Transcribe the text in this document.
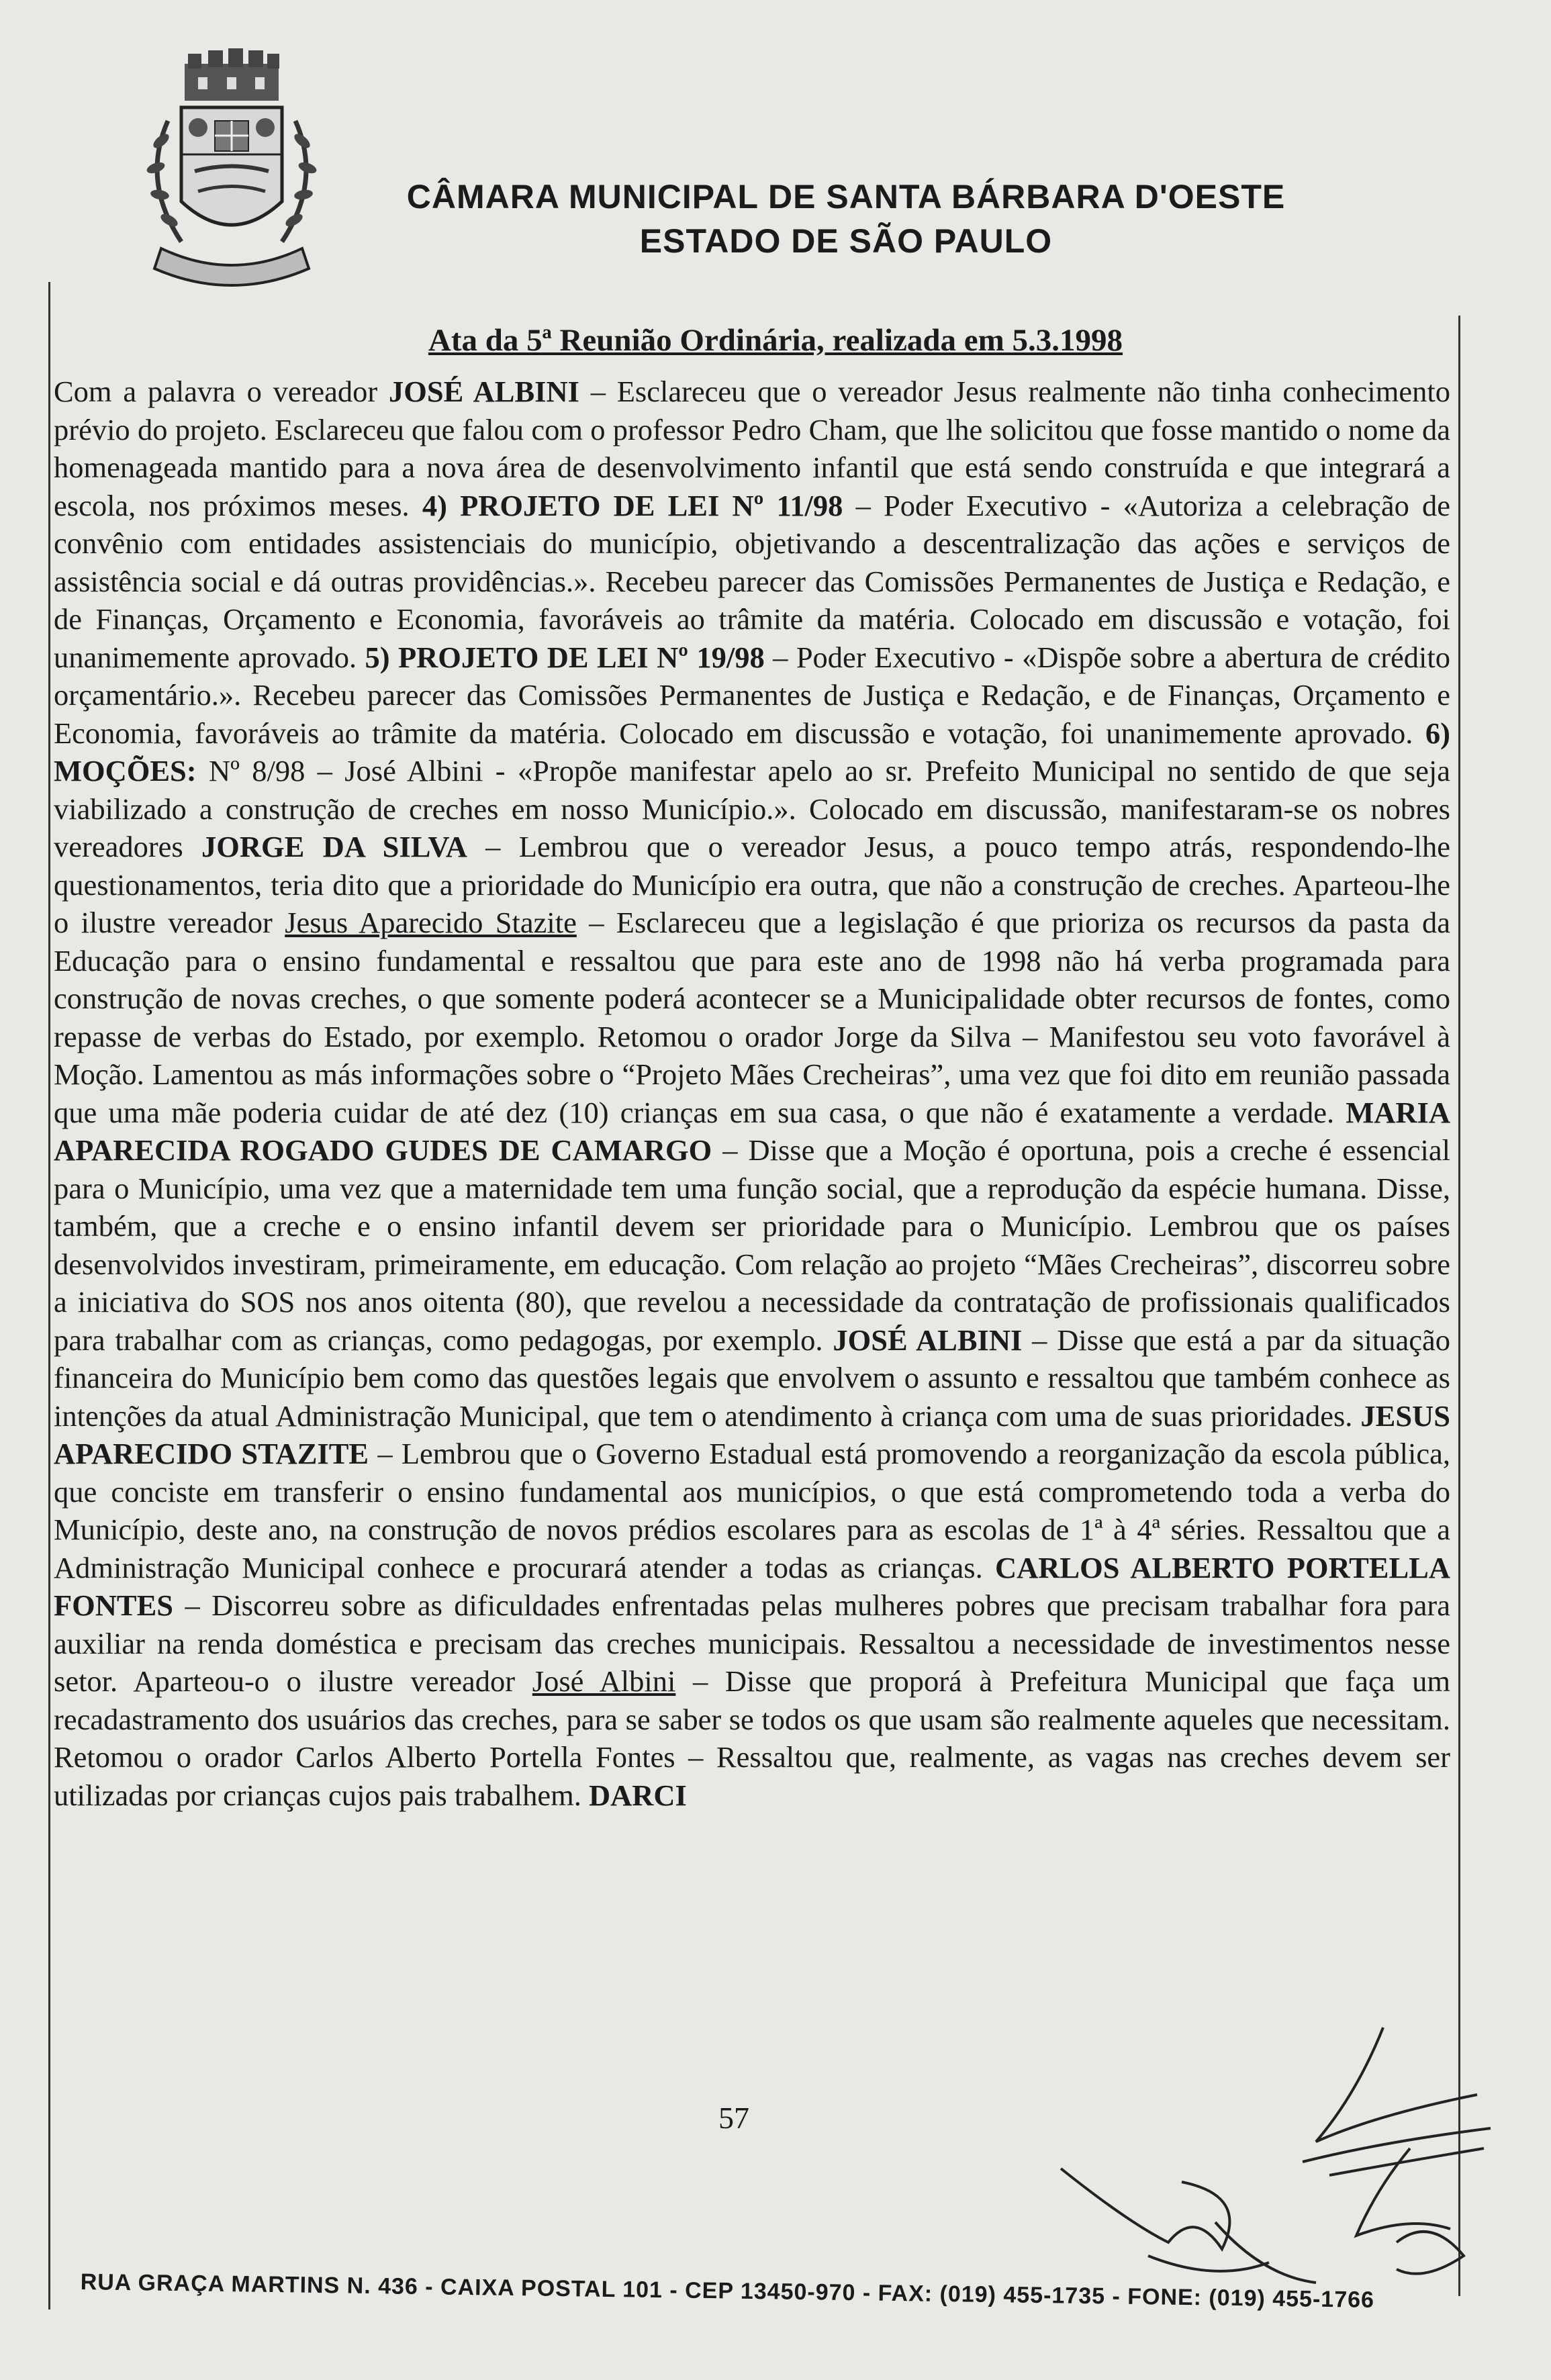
CÂMARA MUNICIPAL DE SANTA BÁRBARA D'OESTE
ESTADO DE SÃO PAULO
Ata da 5ª Reunião Ordinária, realizada em 5.3.1998
Com a palavra o vereador JOSÉ ALBINI – Esclareceu que o vereador Jesus realmente não tinha conhecimento prévio do projeto. Esclareceu que falou com o professor Pedro Cham, que lhe solicitou que fosse mantido o nome da homenageada mantido para a nova área de desenvolvimento infantil que está sendo construída e que integrará a escola, nos próximos meses. 4) PROJETO DE LEI Nº 11/98 – Poder Executivo - «Autoriza a celebração de convênio com entidades assistenciais do município, objetivando a descentralização das ações e serviços de assistência social e dá outras providências.». Recebeu parecer das Comissões Permanentes de Justiça e Redação, e de Finanças, Orçamento e Economia, favoráveis ao trâmite da matéria. Colocado em discussão e votação, foi unanimemente aprovado. 5) PROJETO DE LEI Nº 19/98 – Poder Executivo - «Dispõe sobre a abertura de crédito orçamentário.». Recebeu parecer das Comissões Permanentes de Justiça e Redação, e de Finanças, Orçamento e Economia, favoráveis ao trâmite da matéria. Colocado em discussão e votação, foi unanimemente aprovado. 6) MOÇÕES: Nº 8/98 – José Albini - «Propõe manifestar apelo ao sr. Prefeito Municipal no sentido de que seja viabilizado a construção de creches em nosso Município.». Colocado em discussão, manifestaram-se os nobres vereadores JORGE DA SILVA – Lembrou que o vereador Jesus, a pouco tempo atrás, respondendo-lhe questionamentos, teria dito que a prioridade do Município era outra, que não a construção de creches. Aparteou-lhe o ilustre vereador Jesus Aparecido Stazite – Esclareceu que a legislação é que prioriza os recursos da pasta da Educação para o ensino fundamental e ressaltou que para este ano de 1998 não há verba programada para construção de novas creches, o que somente poderá acontecer se a Municipalidade obter recursos de fontes, como repasse de verbas do Estado, por exemplo. Retomou o orador Jorge da Silva – Manifestou seu voto favorável à Moção. Lamentou as más informações sobre o “Projeto Mães Crecheiras”, uma vez que foi dito em reunião passada que uma mãe poderia cuidar de até dez (10) crianças em sua casa, o que não é exatamente a verdade. MARIA APARECIDA ROGADO GUDES DE CAMARGO – Disse que a Moção é oportuna, pois a creche é essencial para o Município, uma vez que a maternidade tem uma função social, que a reprodução da espécie humana. Disse, também, que a creche e o ensino infantil devem ser prioridade para o Município. Lembrou que os países desenvolvidos investiram, primeiramente, em educação. Com relação ao projeto “Mães Crecheiras”, discorreu sobre a iniciativa do SOS nos anos oitenta (80), que revelou a necessidade da contratação de profissionais qualificados para trabalhar com as crianças, como pedagogas, por exemplo. JOSÉ ALBINI – Disse que está a par da situação financeira do Município bem como das questões legais que envolvem o assunto e ressaltou que também conhece as intenções da atual Administração Municipal, que tem o atendimento à criança com uma de suas prioridades. JESUS APARECIDO STAZITE – Lembrou que o Governo Estadual está promovendo a reorganização da escola pública, que conciste em transferir o ensino fundamental aos municípios, o que está comprometendo toda a verba do Município, deste ano, na construção de novos prédios escolares para as escolas de 1ª à 4ª séries. Ressaltou que a Administração Municipal conhece e procurará atender a todas as crianças. CARLOS ALBERTO PORTELLA FONTES – Discorreu sobre as dificuldades enfrentadas pelas mulheres pobres que precisam trabalhar fora para auxiliar na renda doméstica e precisam das creches municipais. Ressaltou a necessidade de investimentos nesse setor. Aparteou-o o ilustre vereador José Albini – Disse que proporá à Prefeitura Municipal que faça um recadastramento dos usuários das creches, para se saber se todos os que usam são realmente aqueles que necessitam. Retomou o orador Carlos Alberto Portella Fontes – Ressaltou que, realmente, as vagas nas creches devem ser utilizadas por crianças cujos pais trabalhem. DARCI
57
RUA GRAÇA MARTINS N. 436 - CAIXA POSTAL 101 - CEP 13450-970 - FAX: (019) 455-1735 - FONE: (019) 455-1766
